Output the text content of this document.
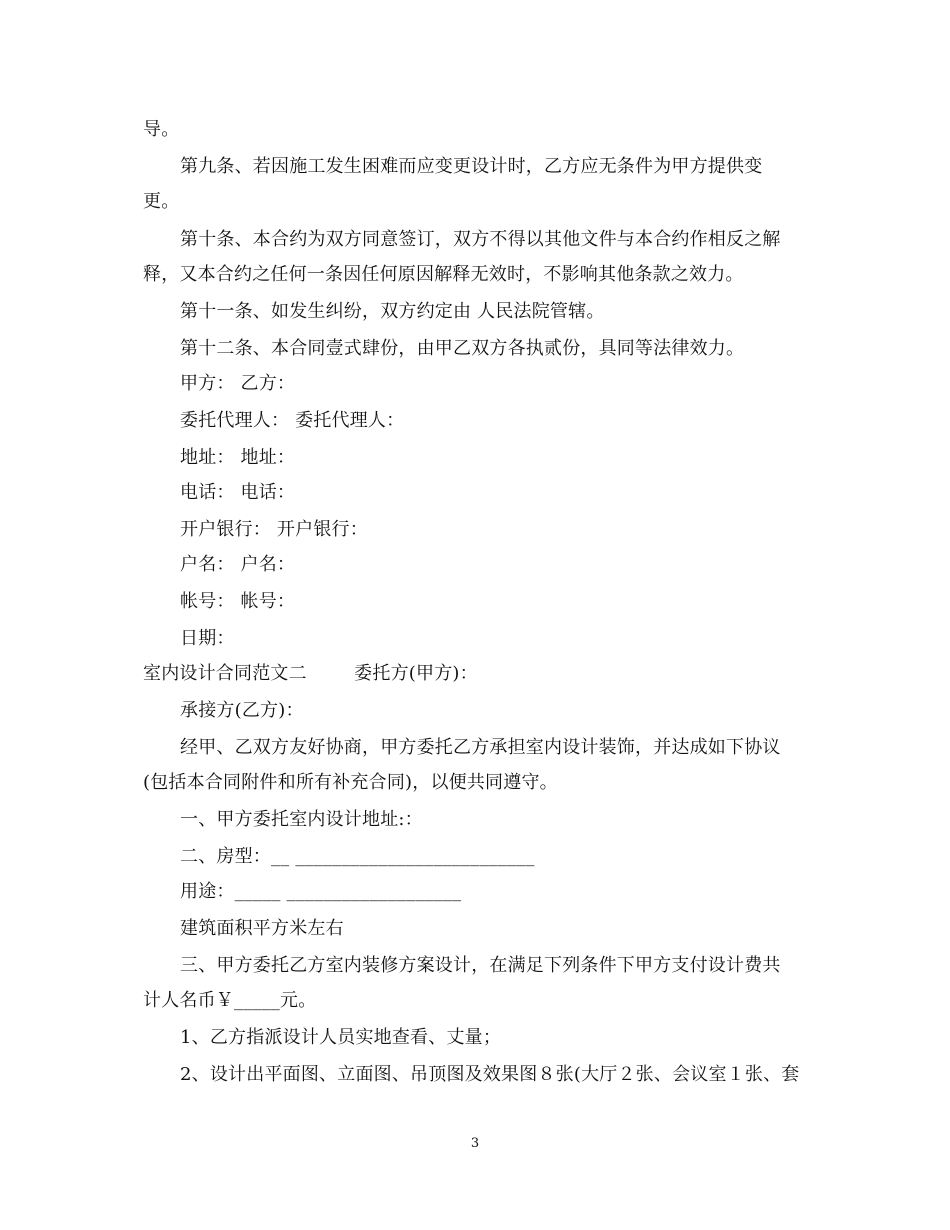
导。
第九条、若因施工发生困难而应变更设计时，乙方应无条件为甲方提供变
更。
第十条、本合约为双方同意签订，双方不得以其他文件与本合约作相反之解
释，又本合约之任何一条因任何原因解释无效时，不影响其他条款之效力。
第十一条、如发生纠纷，双方约定由 人民法院管辖。
第十二条、本合同壹式肆份，由甲乙双方各执贰份，具同等法律效力。
甲方： 乙方：
委托代理人： 委托代理人：
地址： 地址：
电话： 电话：
开户银行： 开户银行：
户名： 户名：
帐号： 帐号：
日期：
室内设计合同范文二        委托方(甲方)：
承接方(乙方)：
经甲、乙双方友好协商，甲方委托乙方承担室内设计装饰，并达成如下协议
(包括本合同附件和所有补充合同)，以便共同遵守。
一、甲方委托室内设计地址:：
二、房型：__ __________________________
用途：_____ ___________________
建筑面积平方米左右
三、甲方委托乙方室内装修方案设计，在满足下列条件下甲方支付设计费共
计人名币￥_____元。
1、乙方指派设计人员实地查看、丈量；
2、设计出平面图、立面图、吊顶图及效果图８张(大厅２张、会议室１张、套
3
